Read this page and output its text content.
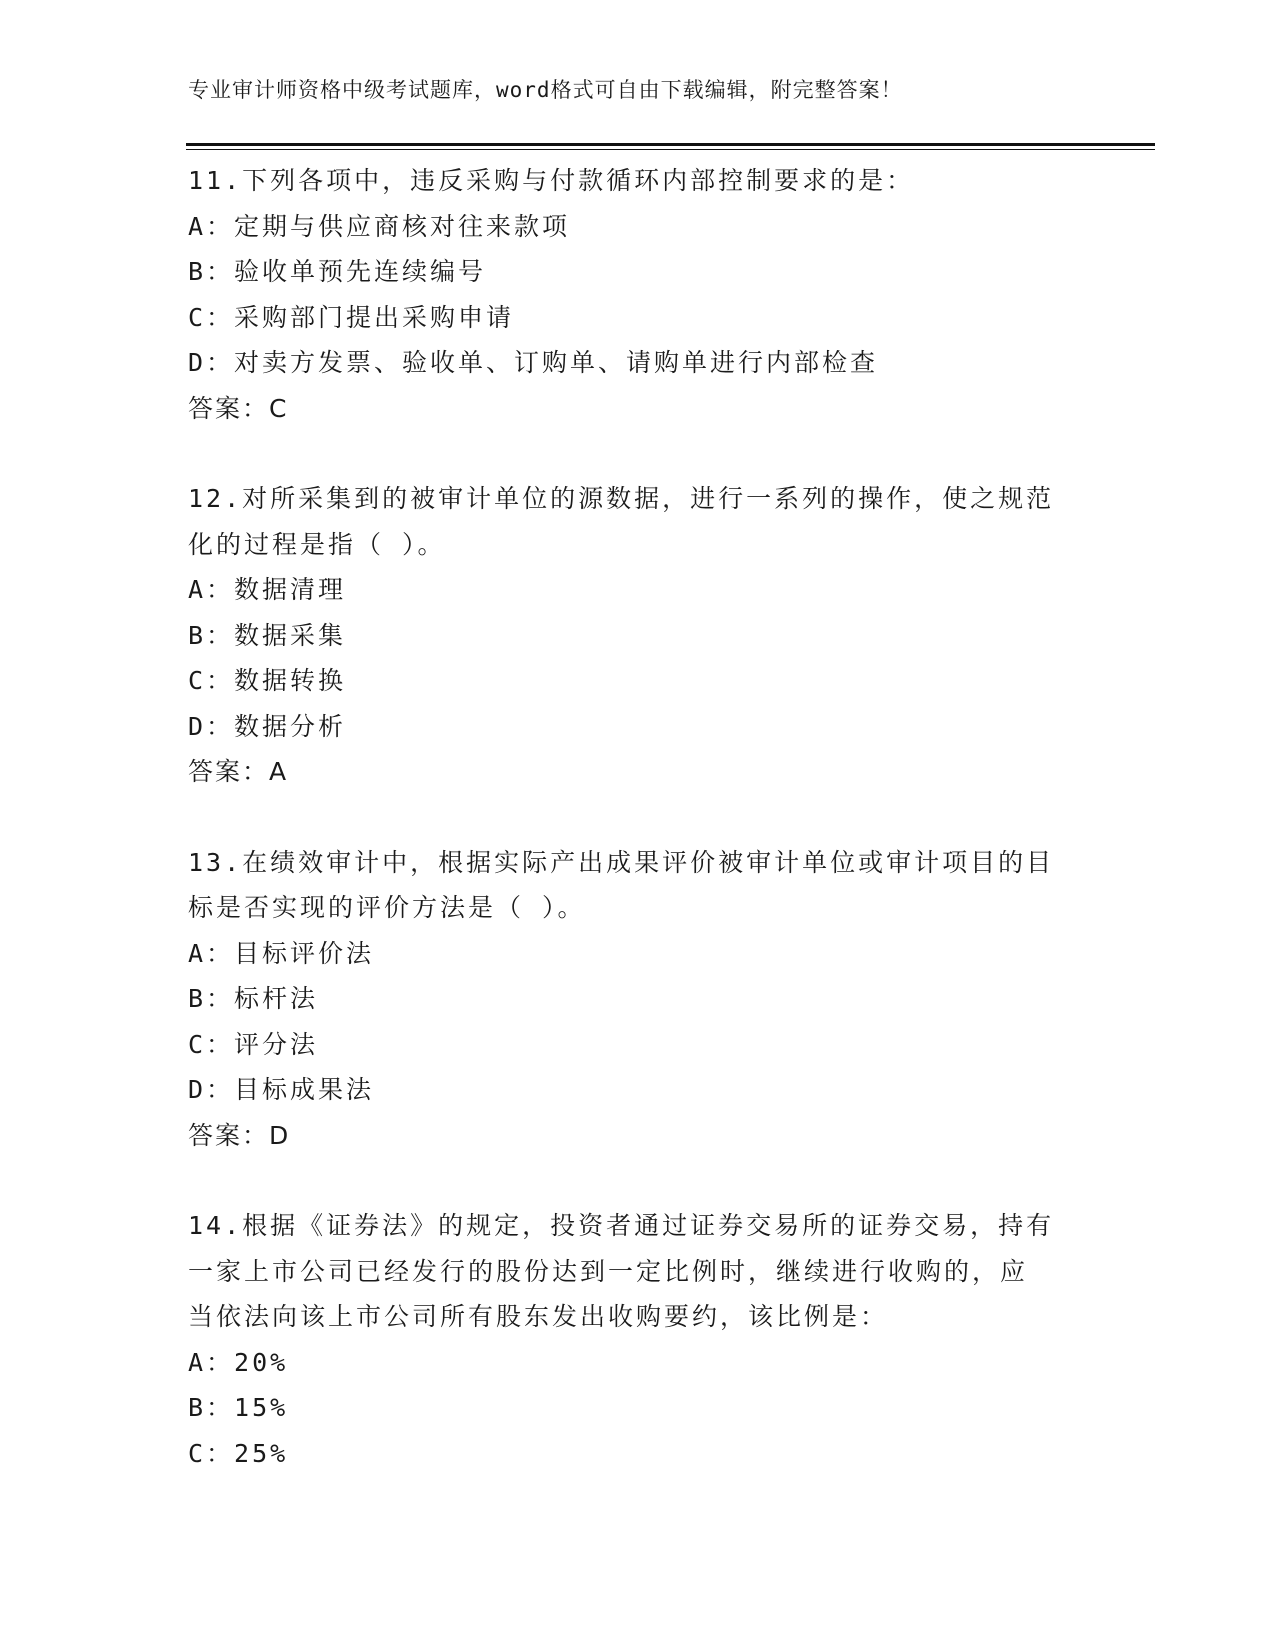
专业审计师资格中级考试题库，word格式可自由下载编辑，附完整答案！
11.下列各项中，违反采购与付款循环内部控制要求的是：
A：定期与供应商核对往来款项
B：验收单预先连续编号
C：采购部门提出采购申请
D：对卖方发票、验收单、订购单、请购单进行内部检查
答案：C
12.对所采集到的被审计单位的源数据，进行一系列的操作，使之规范
化的过程是指（ ）。
A：数据清理
B：数据采集
C：数据转换
D：数据分析
答案：A
13.在绩效审计中，根据实际产出成果评价被审计单位或审计项目的目
标是否实现的评价方法是（ ）。
A：目标评价法
B：标杆法
C：评分法
D：目标成果法
答案：D
14.根据《证券法》的规定，投资者通过证券交易所的证券交易，持有
一家上市公司已经发行的股份达到一定比例时，继续进行收购的，应
当依法向该上市公司所有股东发出收购要约，该比例是：
A：20%
B：15%
C：25%
